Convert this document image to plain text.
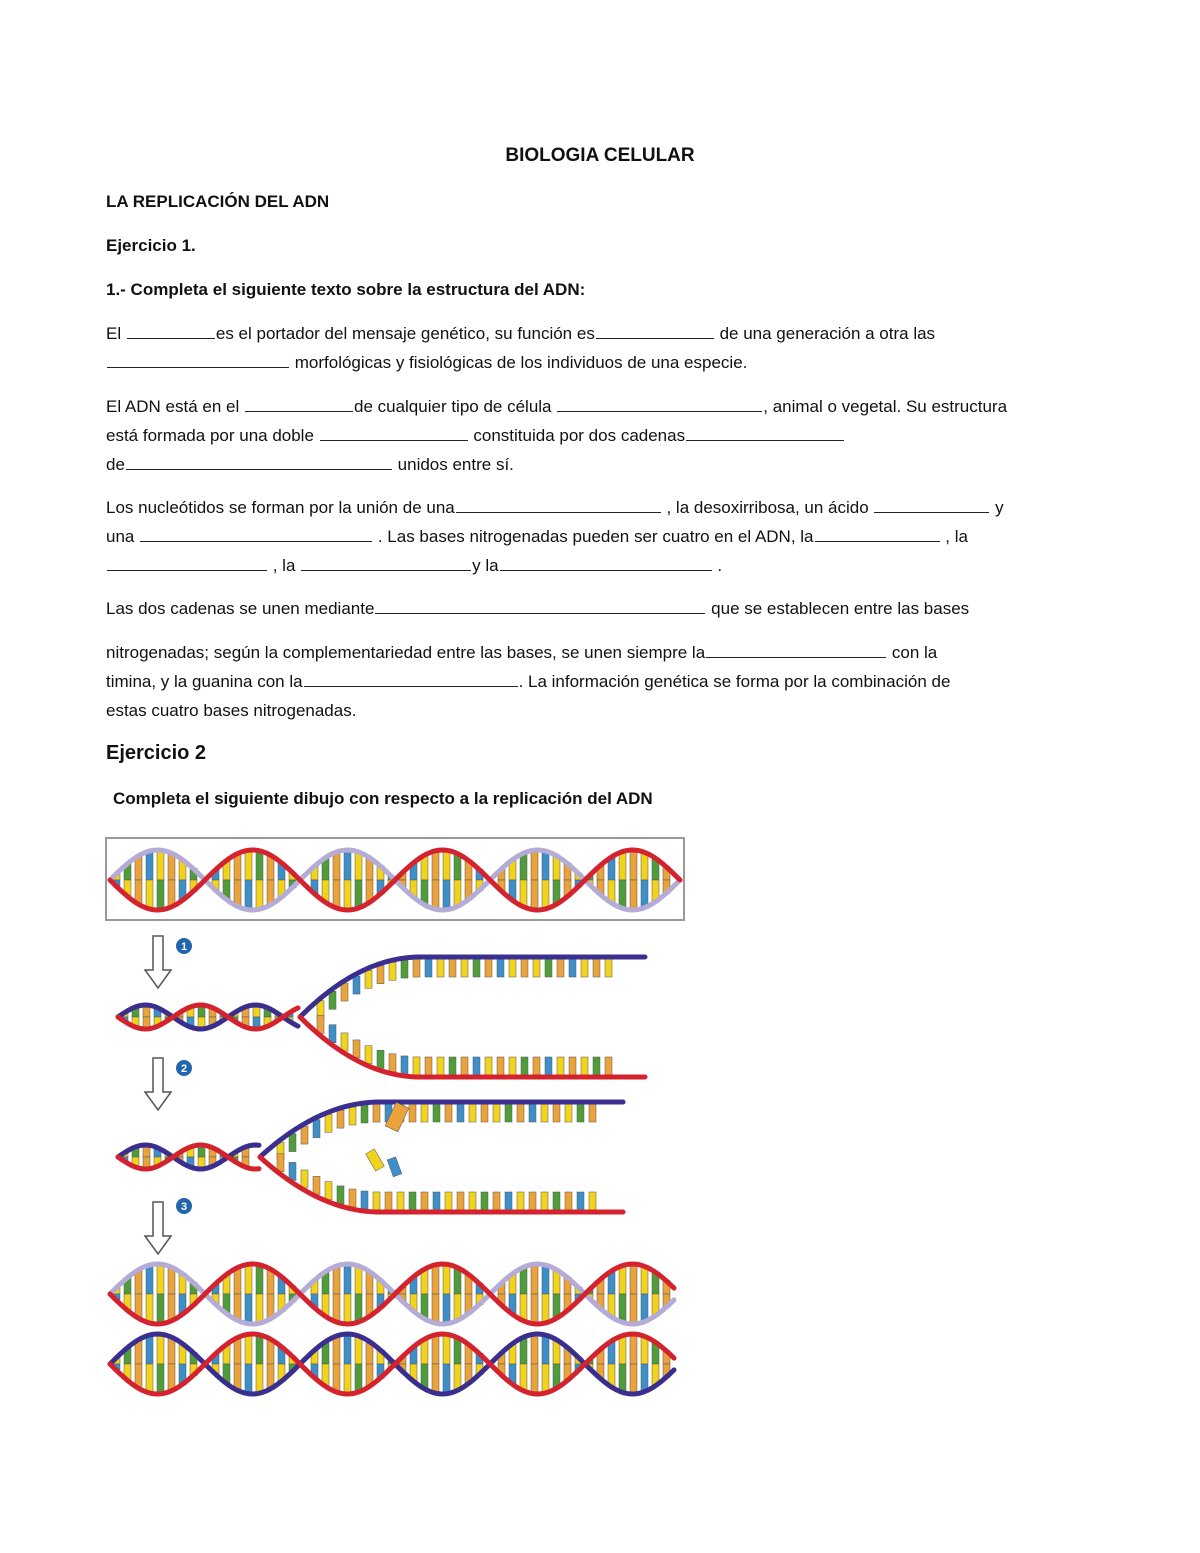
BIOLOGIA CELULAR
LA REPLICACIÓN DEL ADN
Ejercicio 1.
1.- Completa el siguiente texto sobre la estructura del ADN:
El	es el portador del mensaje genético, su función es	de una generación a otra las
morfológicas y fisiológicas de los individuos de una especie.
El ADN está en el	de cualquier tipo de célula	, animal o vegetal. Su estructura
está formada por una doble	constituida por dos cadenas
de	unidos entre sí.
Los nucleótidos se forman por la unión de una	, la desoxirribosa, un ácido	y
una	. Las bases nitrogenadas pueden ser cuatro en el ADN, la	, la
, la	y la	.
Las dos cadenas se unen mediante	que se establecen entre las bases
nitrogenadas; según la complementariedad entre las bases, se unen siempre la	con la
timina, y la guanina con la	. La información genética se forma por la combinación de
estas cuatro bases nitrogenadas.
Ejercicio 2
Completa el siguiente dibujo con respecto a la replicación del ADN
1
2
3
